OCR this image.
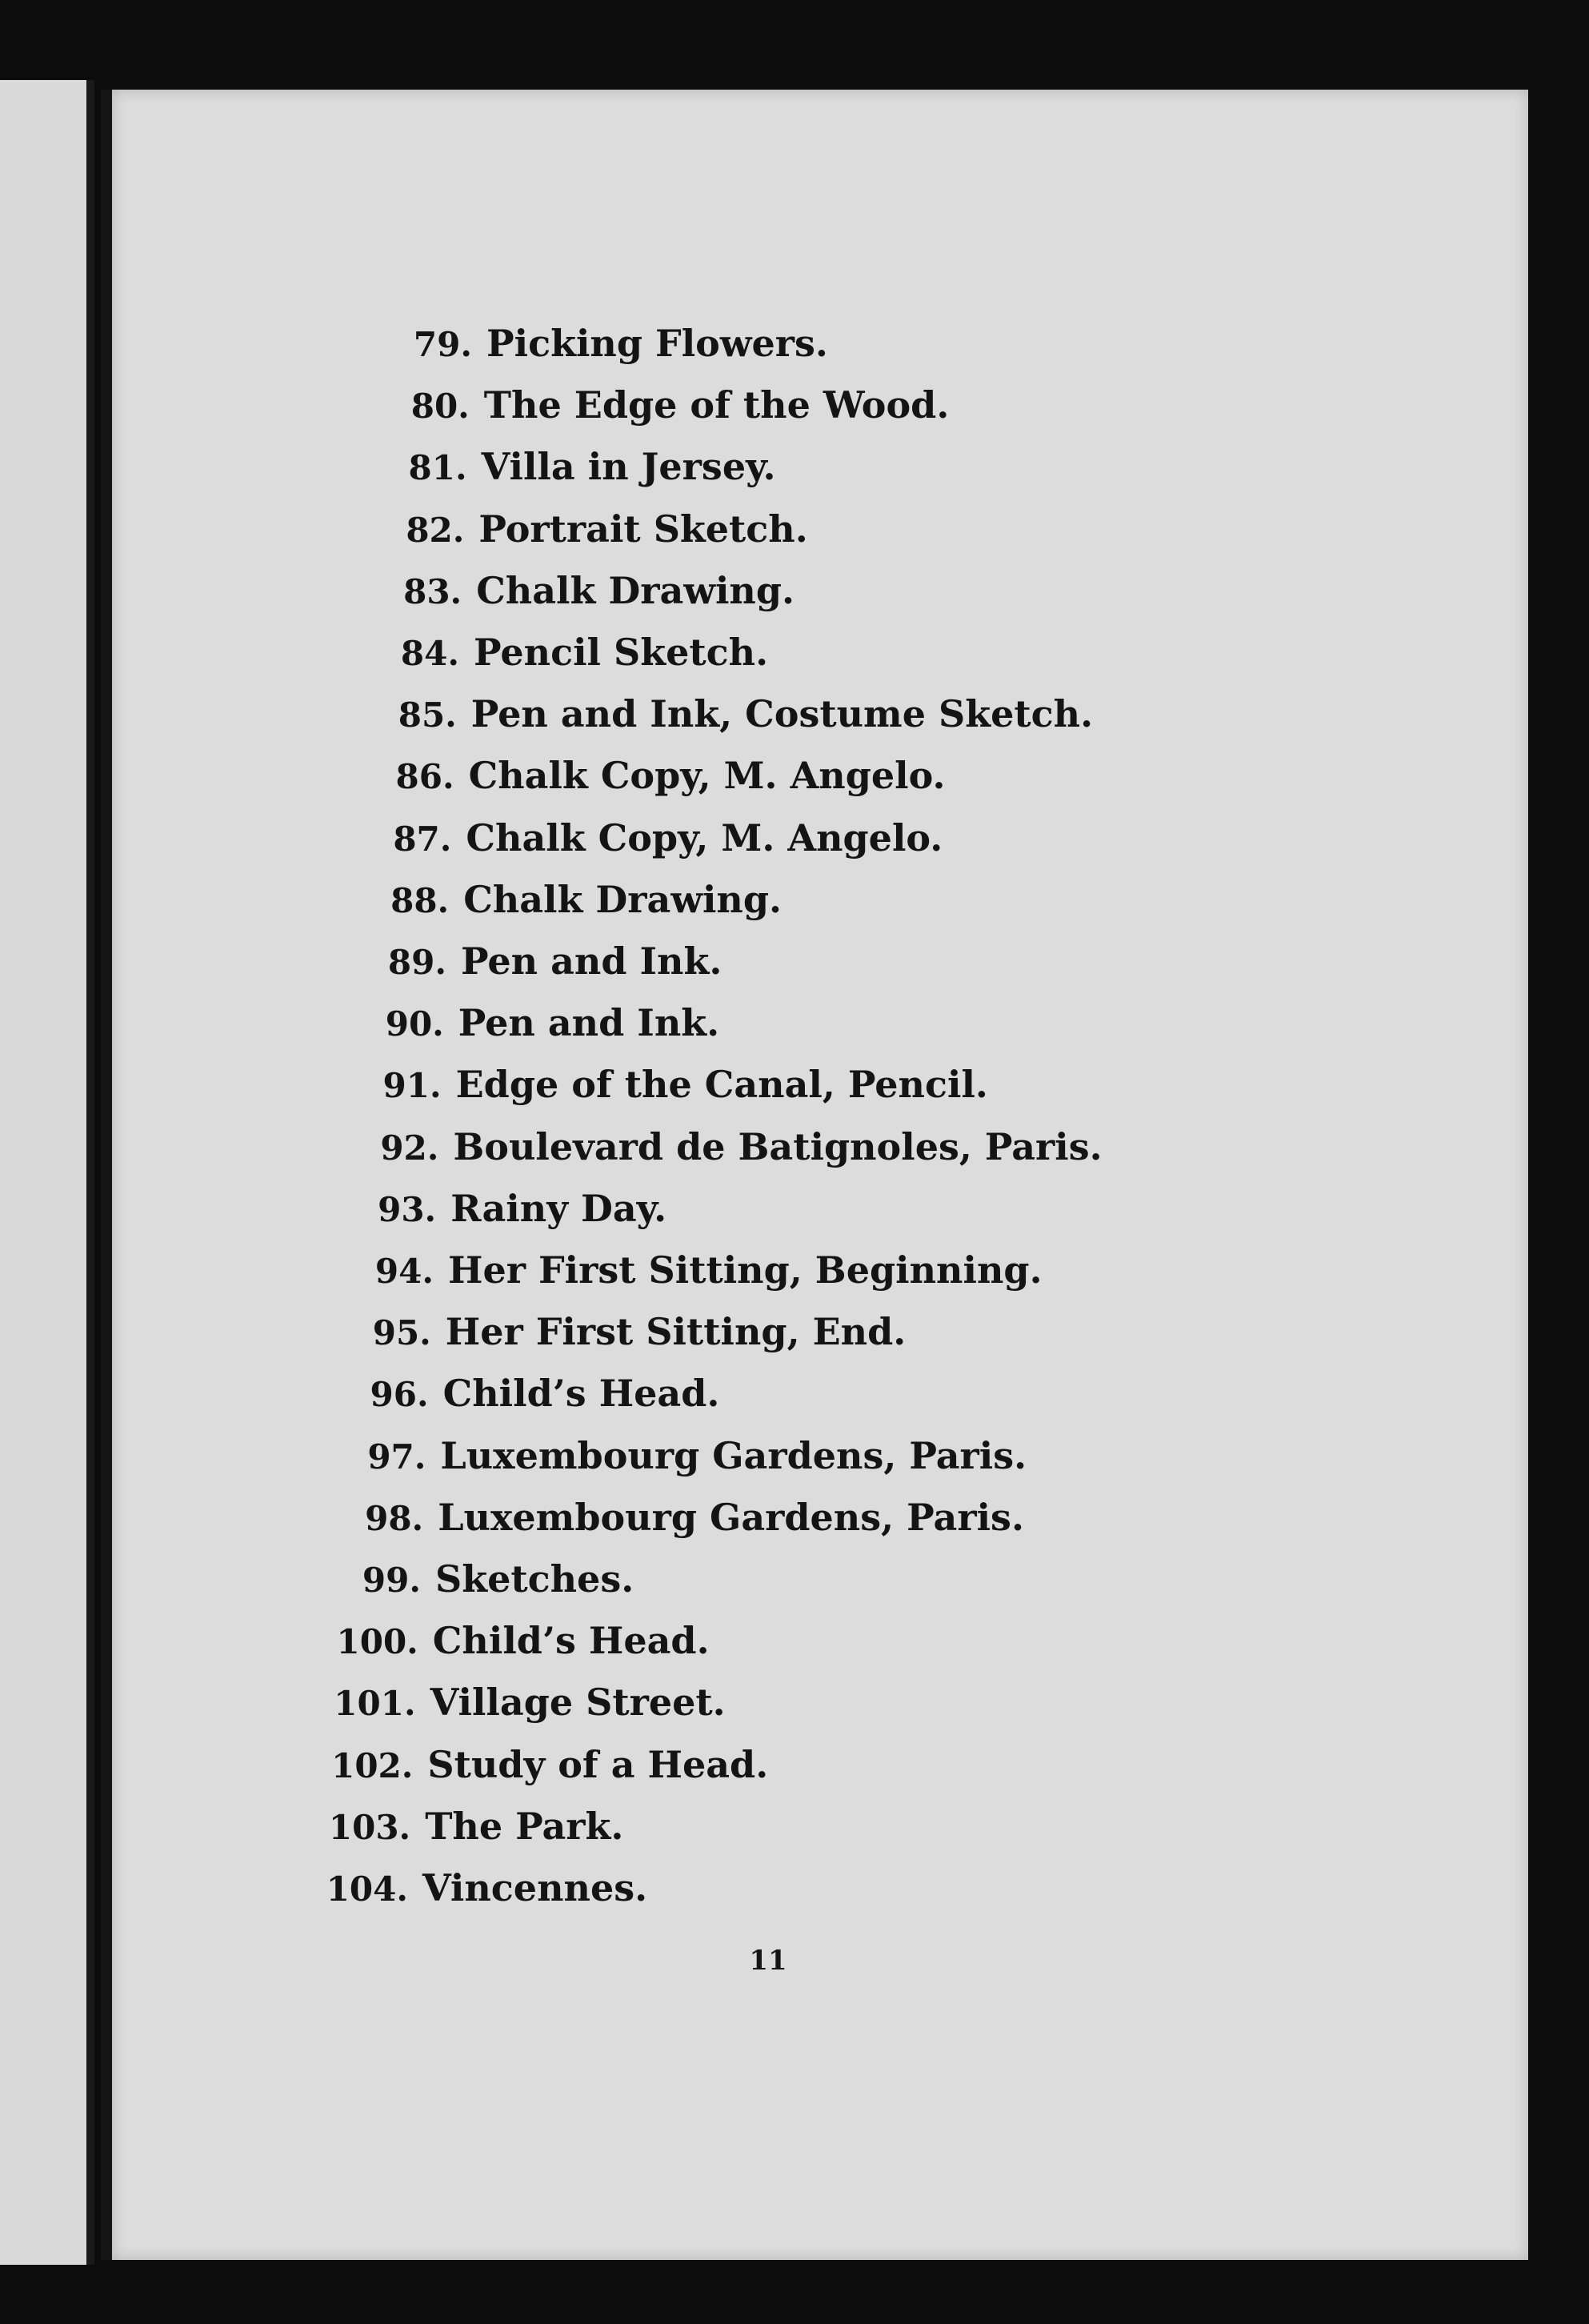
79. Picking Flowers.
80. The Edge of the Wood.
81. Villa in Jersey.
82. Portrait Sketch.
83. Chalk Drawing.
84. Pencil Sketch.
85. Pen and Ink, Costume Sketch.
86. Chalk Copy, M. Angelo.
87. Chalk Copy, M. Angelo.
88. Chalk Drawing.
89. Pen and Ink.
90. Pen and Ink.
91. Edge of the Canal, Pencil.
92. Boulevard de Batignoles, Paris.
93. Rainy Day.
94. Her First Sitting, Beginning.
95. Her First Sitting, End.
96. Child’s Head.
97. Luxembourg Gardens, Paris.
98. Luxembourg Gardens, Paris.
99. Sketches.
100. Child’s Head.
101. Village Street.
102. Study of a Head.
103. The Park.
104. Vincennes.
11
